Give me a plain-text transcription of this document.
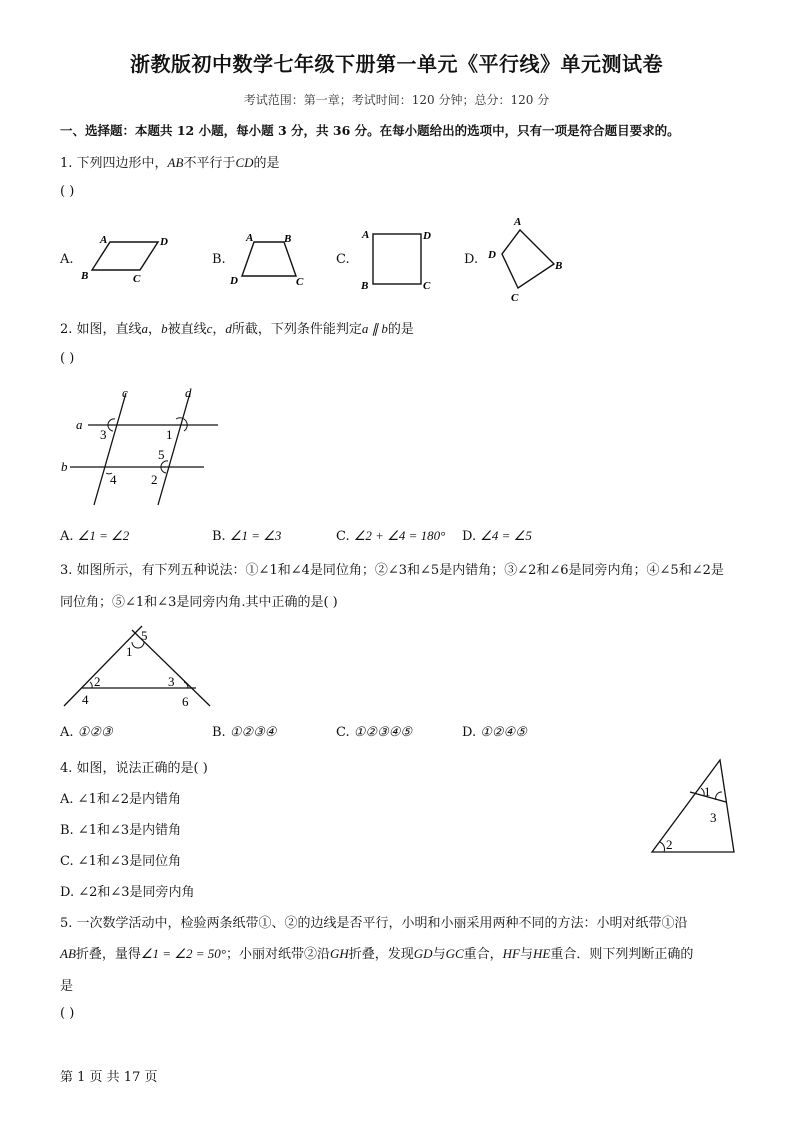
浙教版初中数学七年级下册第一单元《平行线》单元测试卷
考试范围：第一章；考试时间：120 分钟；总分：120 分
一、选择题：本题共 12 小题，每小题 3 分，共 36 分。在每小题给出的选项中，只有一项是符合题目要求的。
1. 下列四边形中，AB不平行于CD的是
( )
A.	B.	C.	D.
A	D
B	C
A	B
D	C
A	D
B	C
A
B
C
D
2. 如图，直线a，b被直线c，d所截，下列条件能判定a ∥ b的是
( )
c	d
a
b
3	1
5
4	2
A. ∠1 = ∠2	B. ∠1 = ∠3	C. ∠2 + ∠4 = 180° D. ∠4 = ∠5
3. 如图所示，有下列五种说法：①∠1和∠4是同位角；②∠3和∠5是内错角；③∠2和∠6是同旁内角；④∠5和∠2是
同位角；⑤∠1和∠3是同旁内角.其中正确的是( )
5
1
2	3
4	6
A. ①②③	B. ①②③④	C. ①②③④⑤	D. ①②④⑤
4. 如图，说法正确的是( )
A. ∠1和∠2是内错角
B. ∠1和∠3是内错角
C. ∠1和∠3是同位角
D. ∠2和∠3是同旁内角
1
3
2
5. 一次数学活动中，检验两条纸带①、②的边线是否平行，小明和小丽采用两种不同的方法：小明对纸带①沿
AB折叠，量得∠1 = ∠2 = 50°；小丽对纸带②沿GH折叠，发现GD与GC重合，HF与HE重合．则下列判断正确的
是
( )
第 1 页 共 17 页
